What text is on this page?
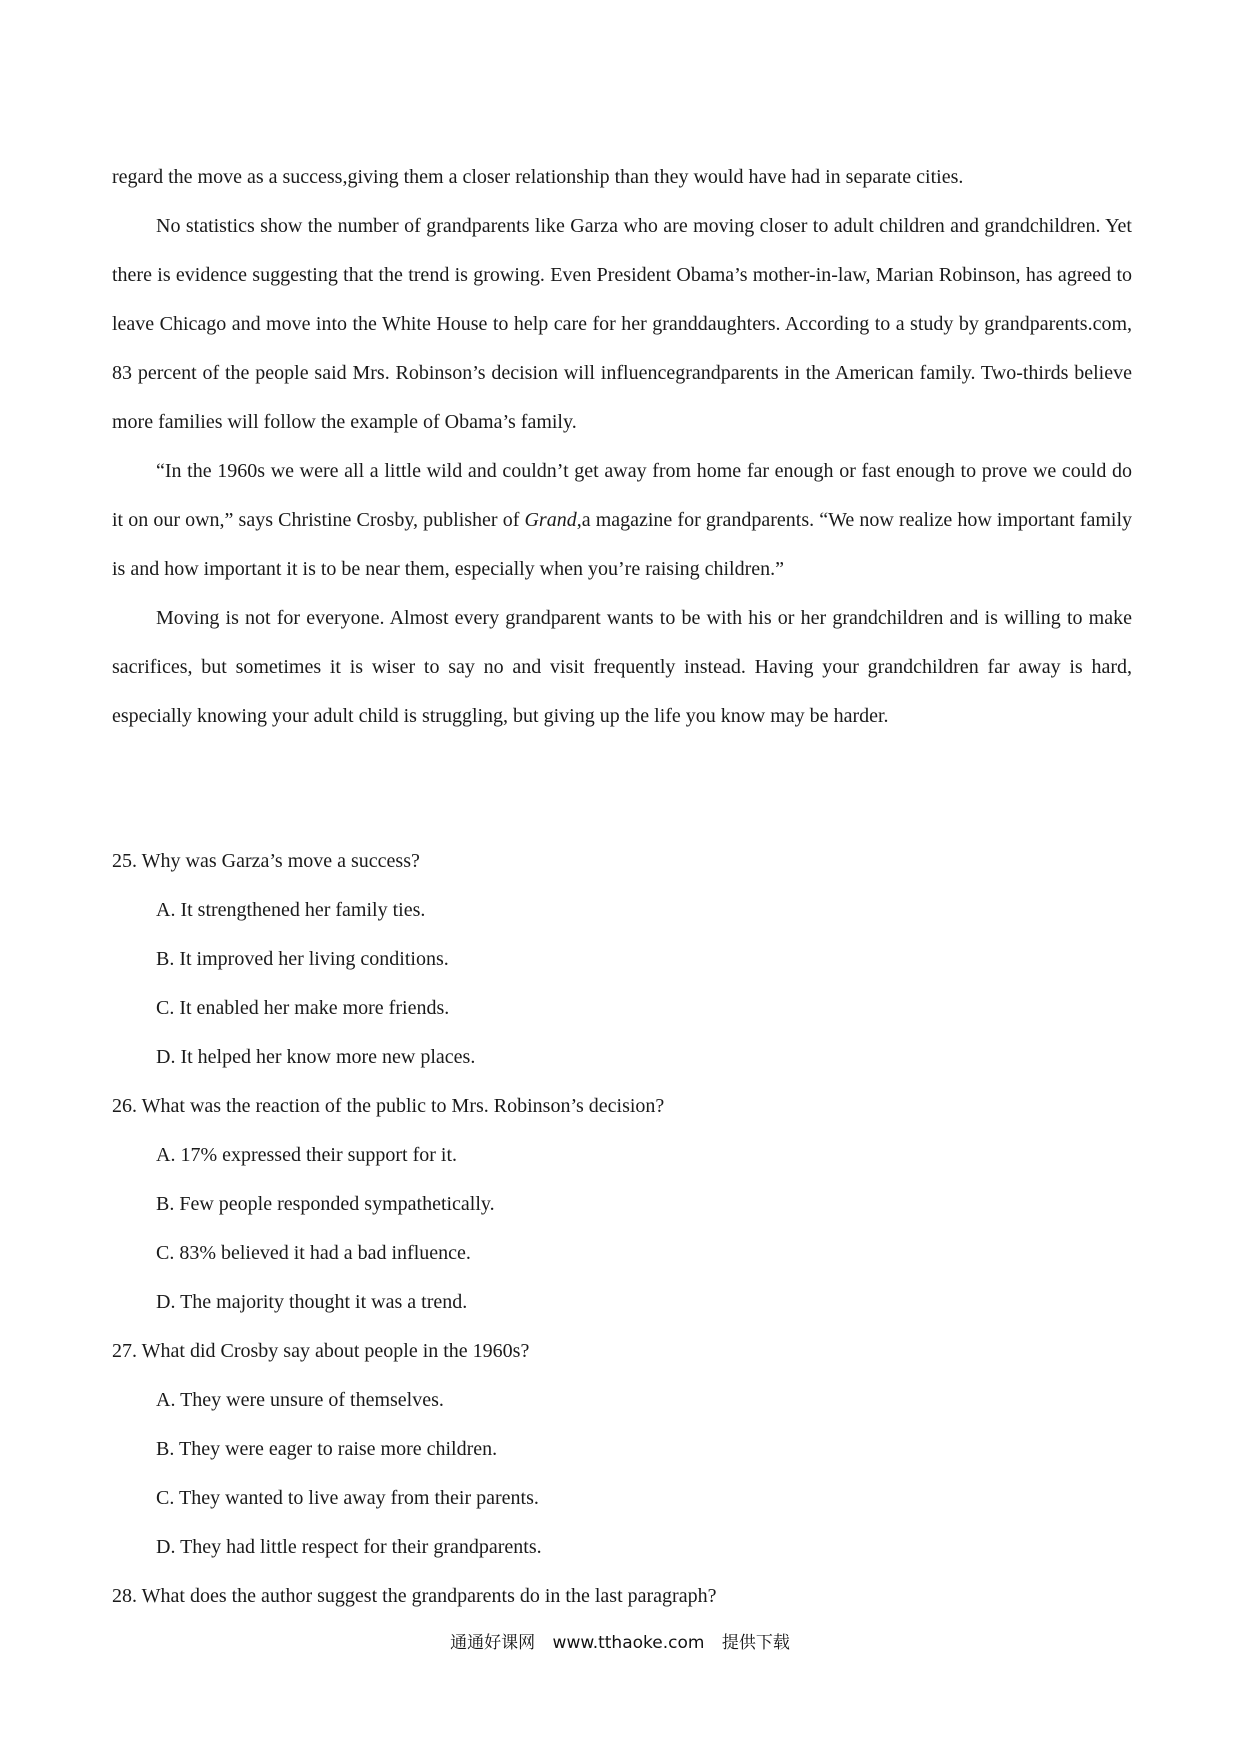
regard the move as a success,giving them a closer relationship than they would have had in separate cities.

No statistics show the number of grandparents like Garza who are moving closer to adult children and grandchildren. Yet there is evidence suggesting that the trend is growing. Even President Obama’s mother-in-law, Marian Robinson, has agreed to leave Chicago and move into the White House to help care for her granddaughters. According to a study by grandparents.com, 83 percent of the people said Mrs. Robinson’s decision will influencegrandparents in the American family. Two-thirds believe more families will follow the example of Obama’s family.

“In the 1960s we were all a little wild and couldn’t get away from home far enough or fast enough to prove we could do it on our own,” says Christine Crosby, publisher of Grand,a magazine for grandparents. “We now realize how important family is and how important it is to be near them, especially when you’re raising children.”

Moving is not for everyone. Almost every grandparent wants to be with his or her grandchildren and is willing to make sacrifices, but sometimes it is wiser to say no and visit frequently instead. Having your grandchildren far away is hard, especially knowing your adult child is struggling, but giving up the life you know may be harder.

25. Why was Garza’s move a success?

A. It strengthened her family ties.

B. It improved her living conditions.

C. It enabled her make more friends.

D. It helped her know more new places.

26. What was the reaction of the public to Mrs. Robinson’s decision?

A. 17% expressed their support for it.

B. Few people responded sympathetically.

C. 83% believed it had a bad influence.

D. The majority thought it was a trend.

27. What did Crosby say about people in the 1960s?

A. They were unsure of themselves.

B. They were eager to raise more children.

C. They wanted to live away from their parents.

D. They had little respect for their grandparents.

28. What does the author suggest the grandparents do in the last paragraph?

通通好课网 www.tthaoke.com 提供下载
